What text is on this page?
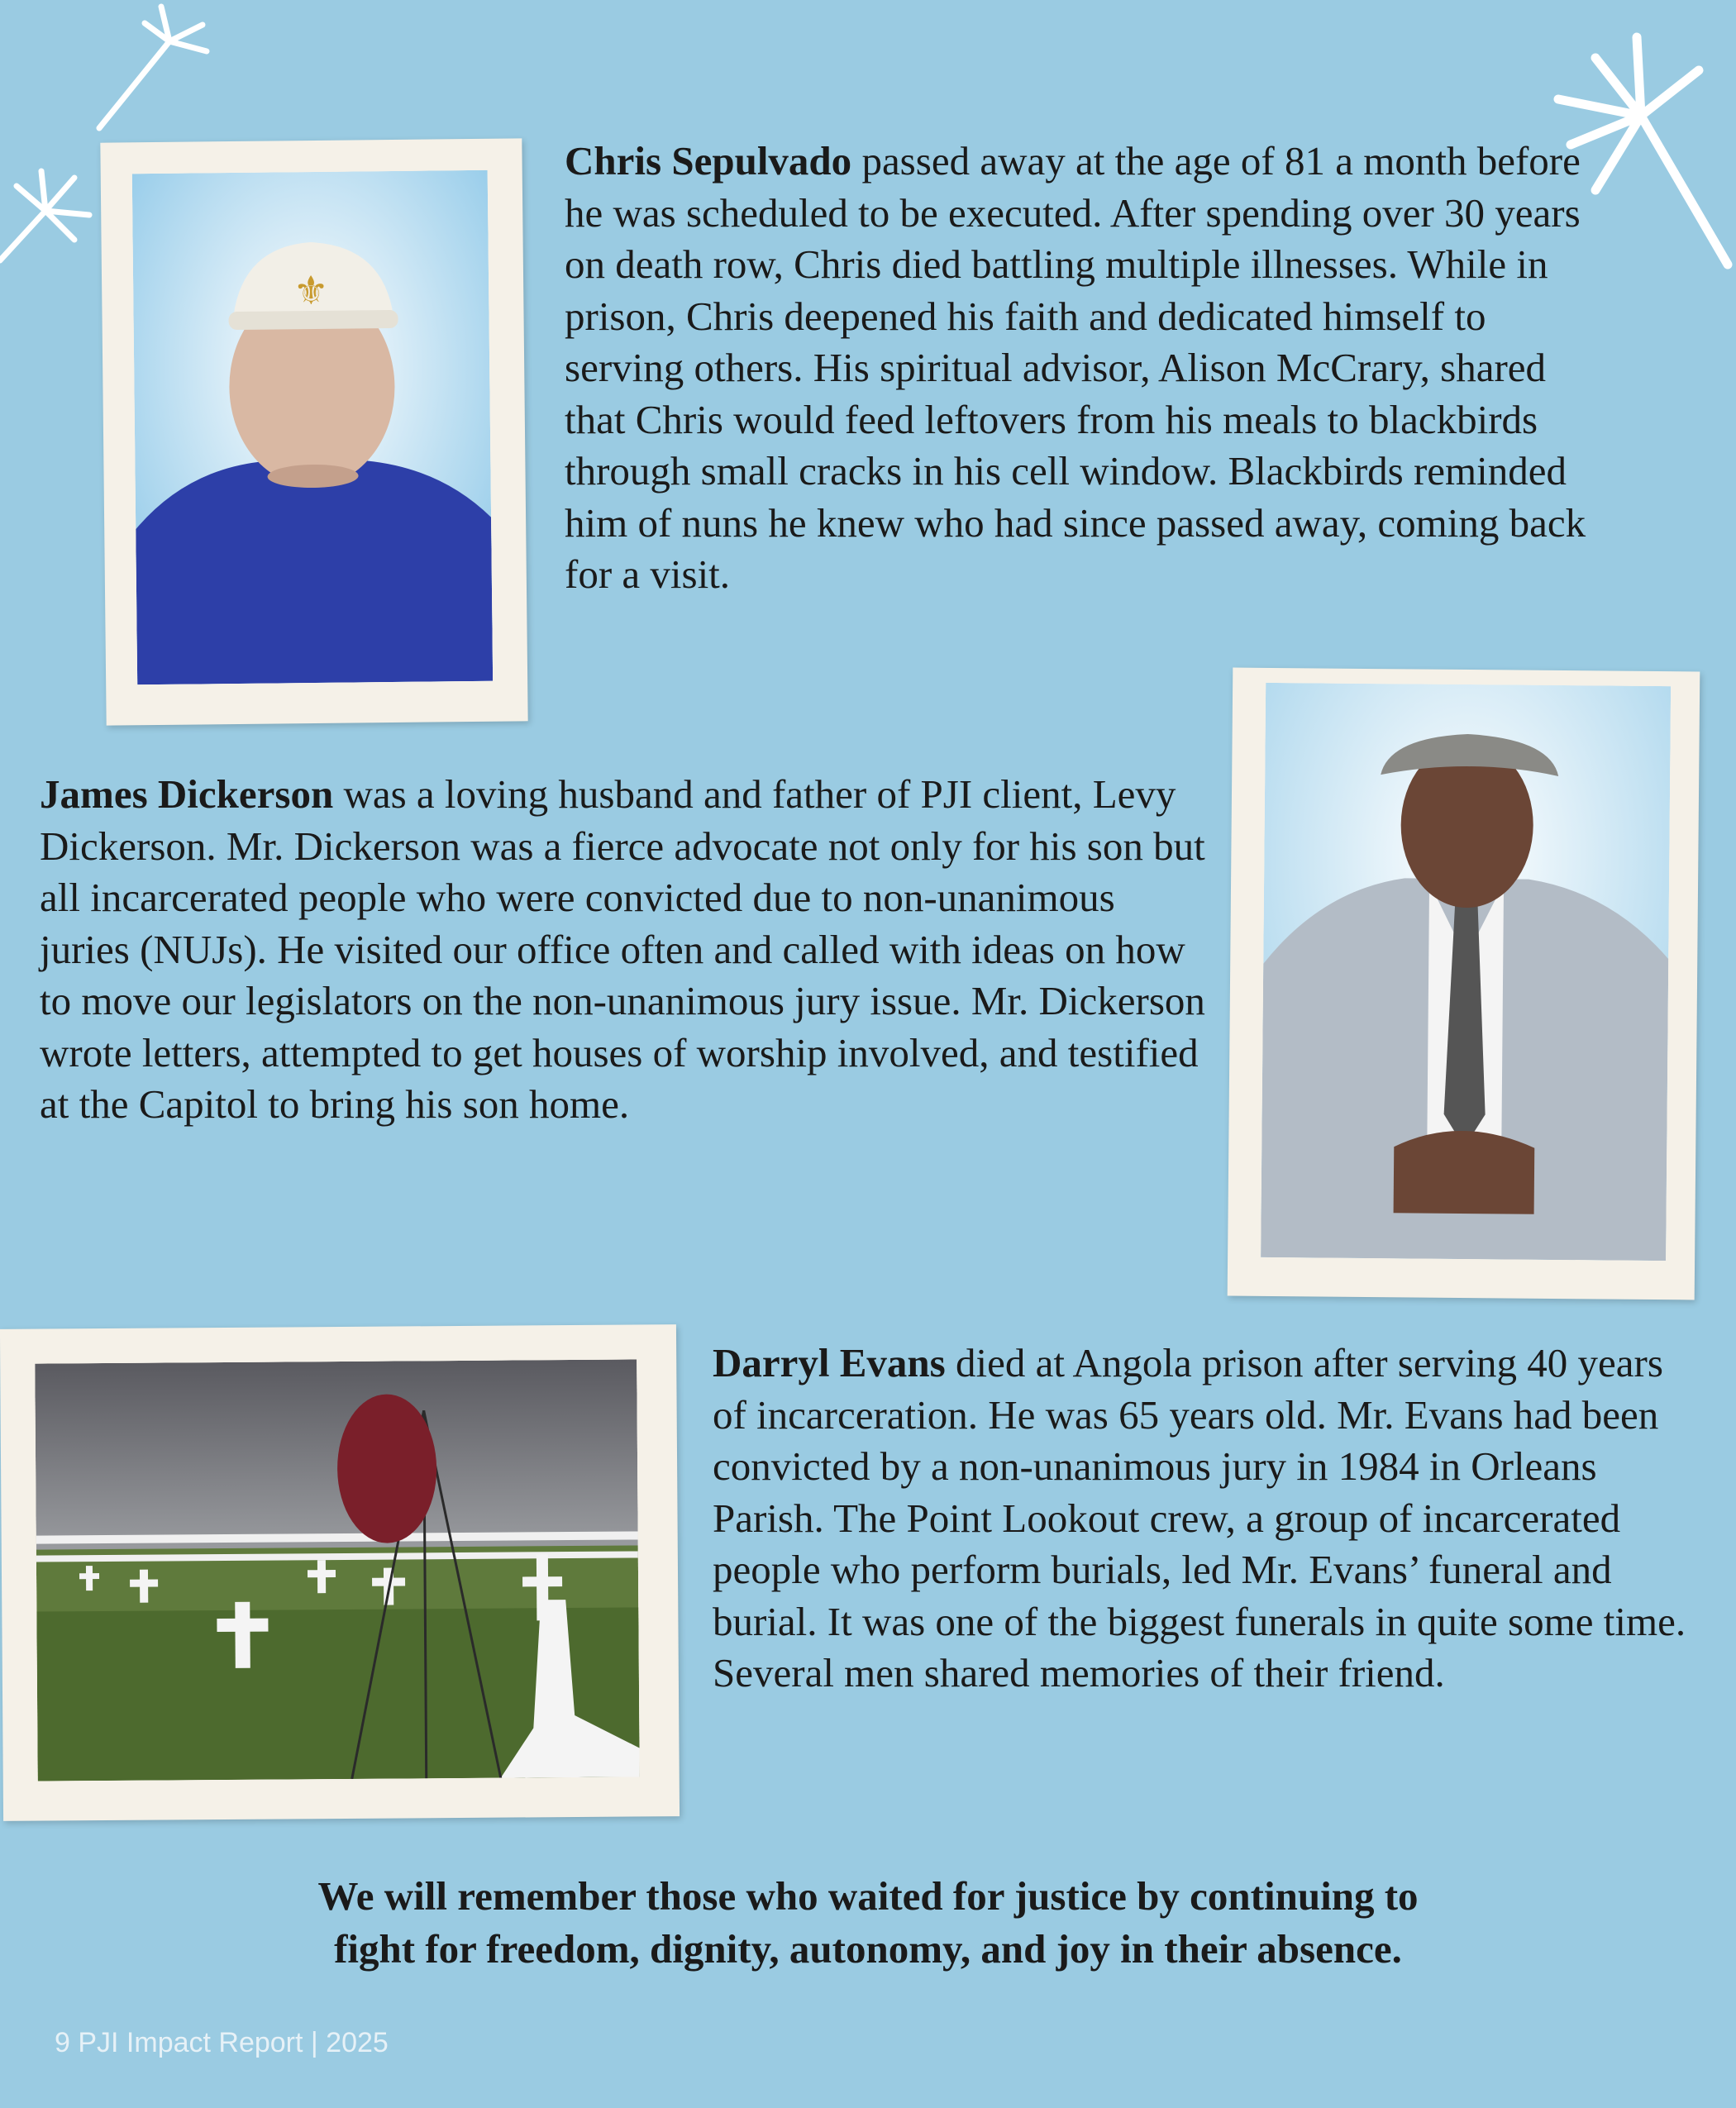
⚜

Chris Sepulvado passed away at the age of 81 a month before he was scheduled to be executed. After spending over 30 years on death row, Chris died battling multiple illnesses. While in prison, Chris deepened his faith and dedicated himself to serving others. His spiritual advisor, Alison McCrary, shared that Chris would feed leftovers from his meals to blackbirds through small cracks in his cell window. Blackbirds reminded him of nuns he knew who had since passed away, coming back for a visit.

James Dickerson was a loving husband and father of PJI client, Levy Dickerson. Mr. Dickerson was a fierce advocate not only for his son but all incarcerated people who were convicted due to non-unanimous juries (NUJs). He visited our office often and called with ideas on how to move our legislators on the non-unanimous jury issue. Mr. Dickerson wrote letters, attempted to get houses of worship involved, and testified at the Capitol to bring his son home.

Darryl Evans died at Angola prison after serving 40 years of incarceration. He was 65 years old. Mr. Evans had been convicted by a non-unanimous jury in 1984 in Orleans Parish. The Point Lookout crew, a group of incarcerated people who perform burials, led Mr. Evans’ funeral and burial. It was one of the biggest funerals in quite some time. Several men shared memories of their friend.

We will remember those who waited for justice by continuing to
fight for freedom, dignity, autonomy, and joy in their absence.
9 PJI Impact Report | 2025
